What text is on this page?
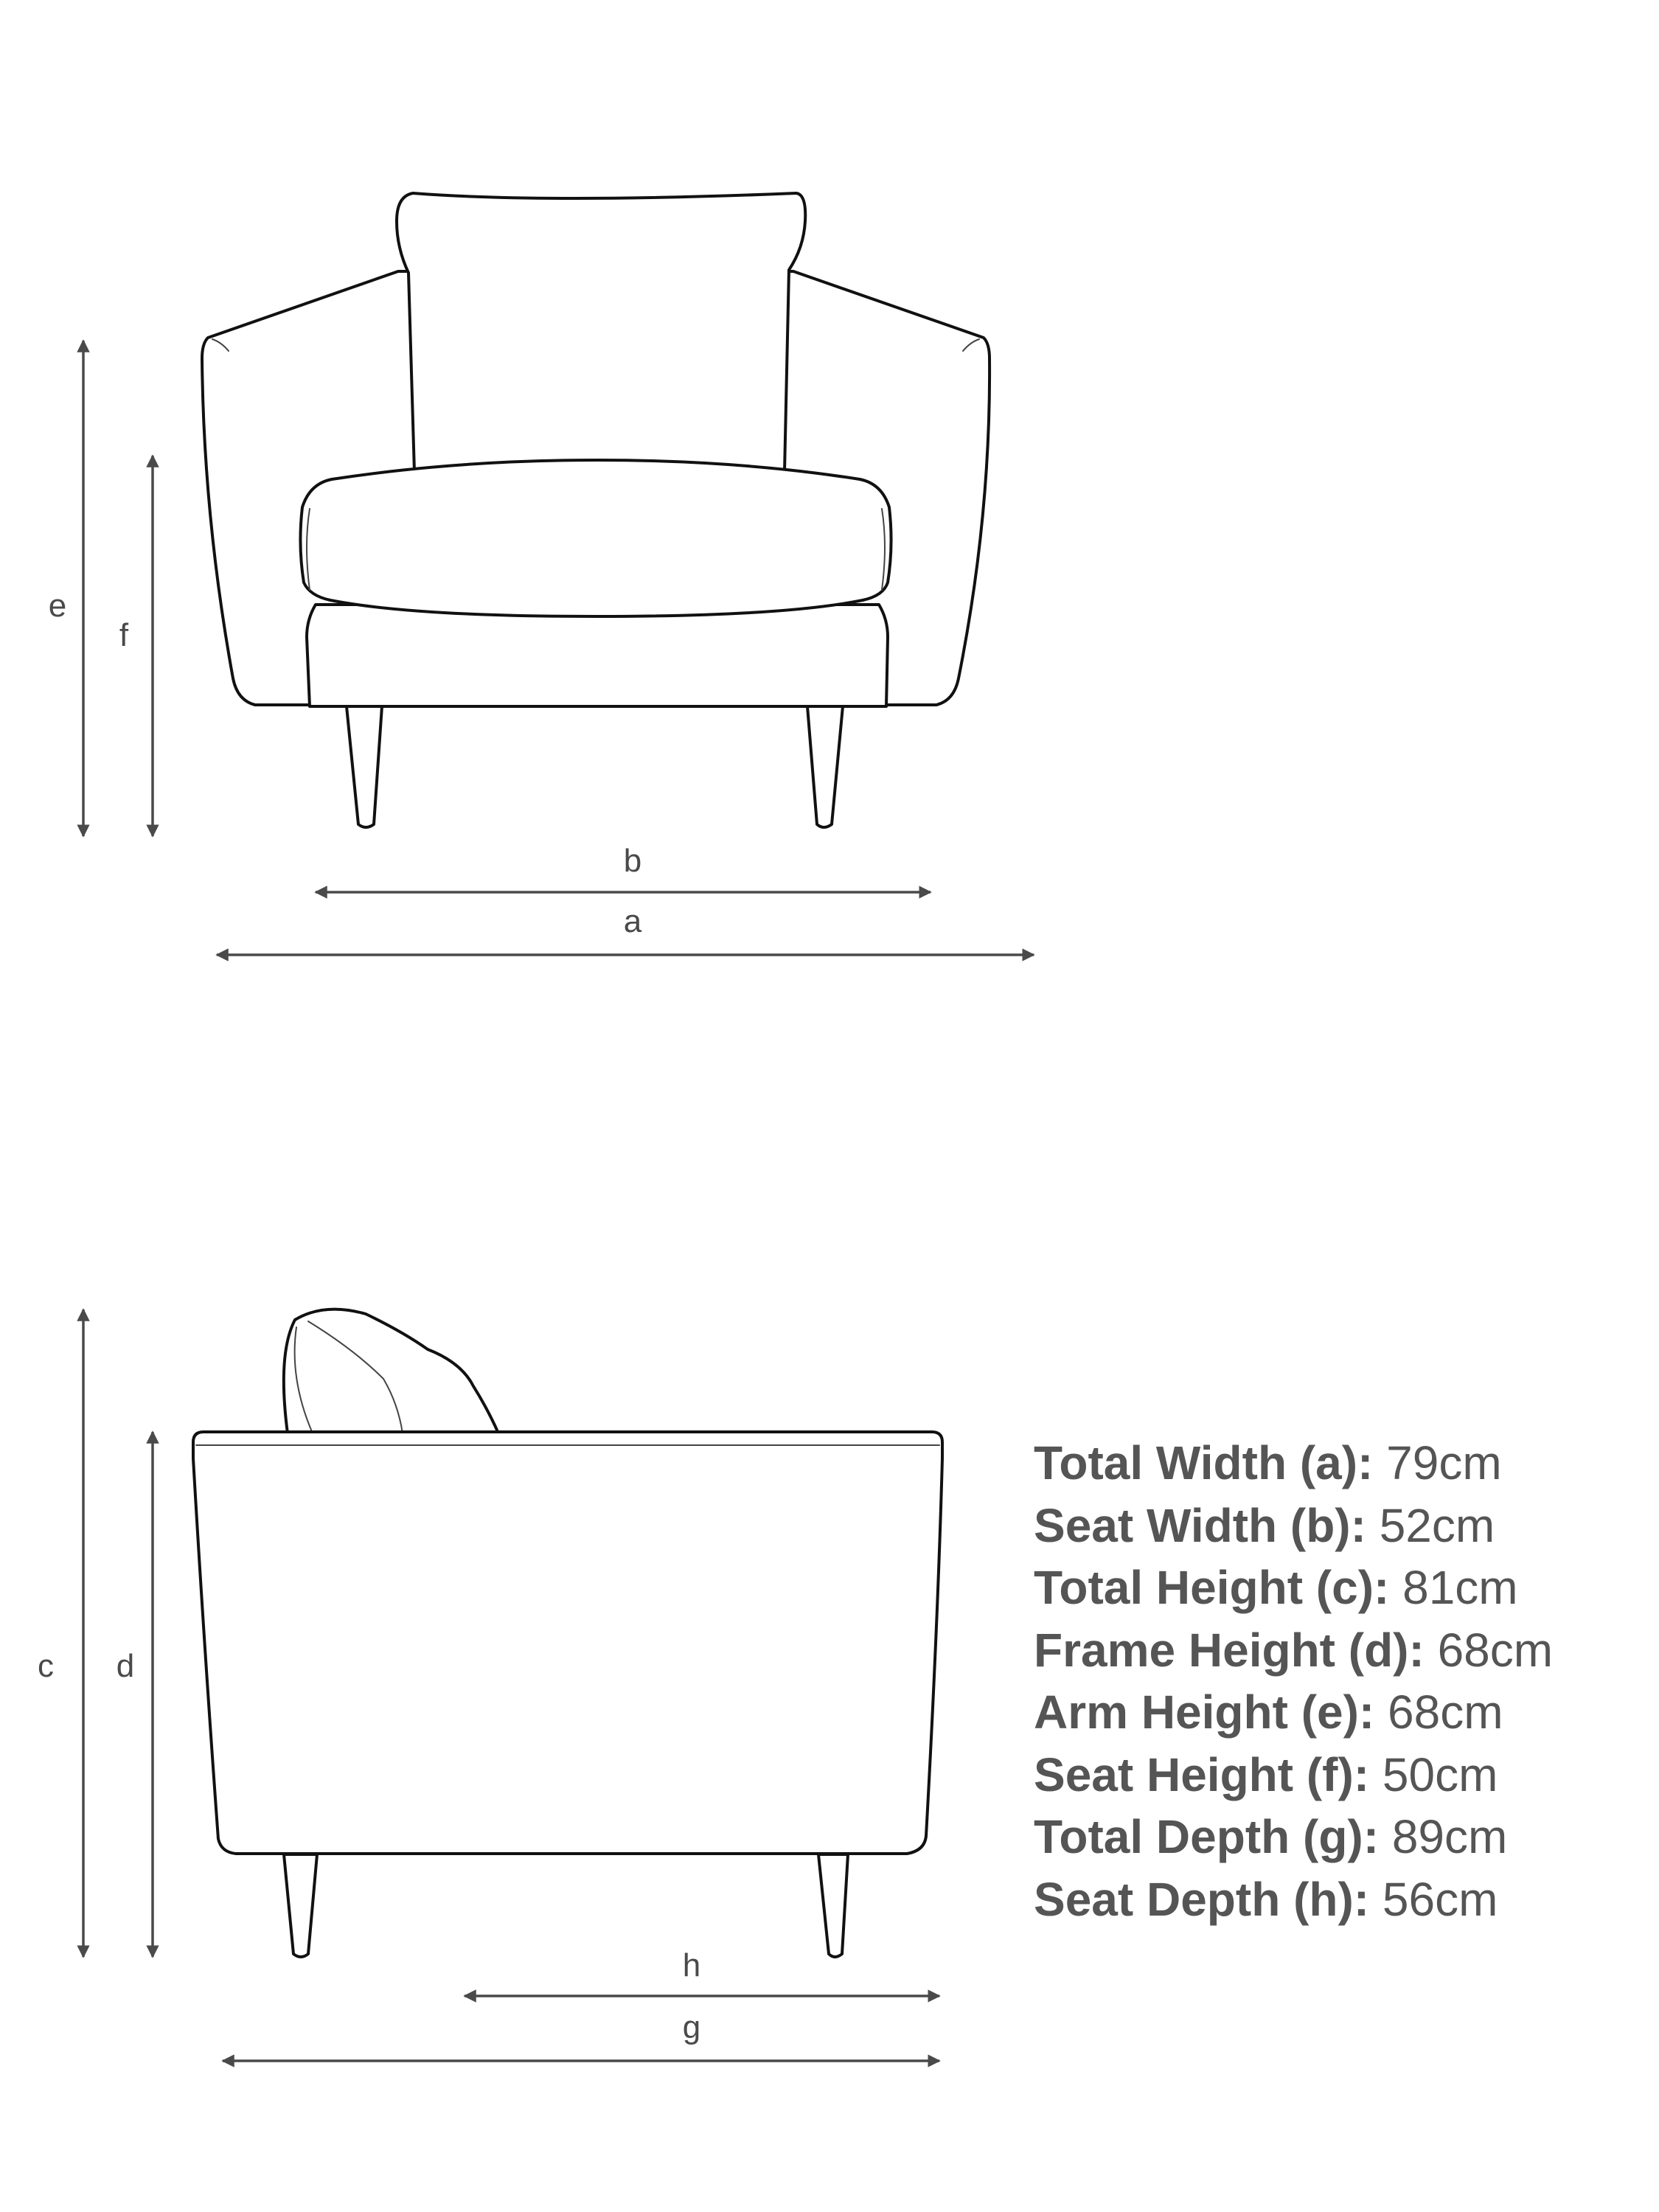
e
f
b
a
c d
h
g
Total Width (a): 79cm
Seat Width (b): 52cm
Total Height (c): 81cm
Frame Height (d): 68cm
Arm Height (e): 68cm
Seat Height (f): 50cm
Total Depth (g): 89cm
Seat Depth (h): 56cm
